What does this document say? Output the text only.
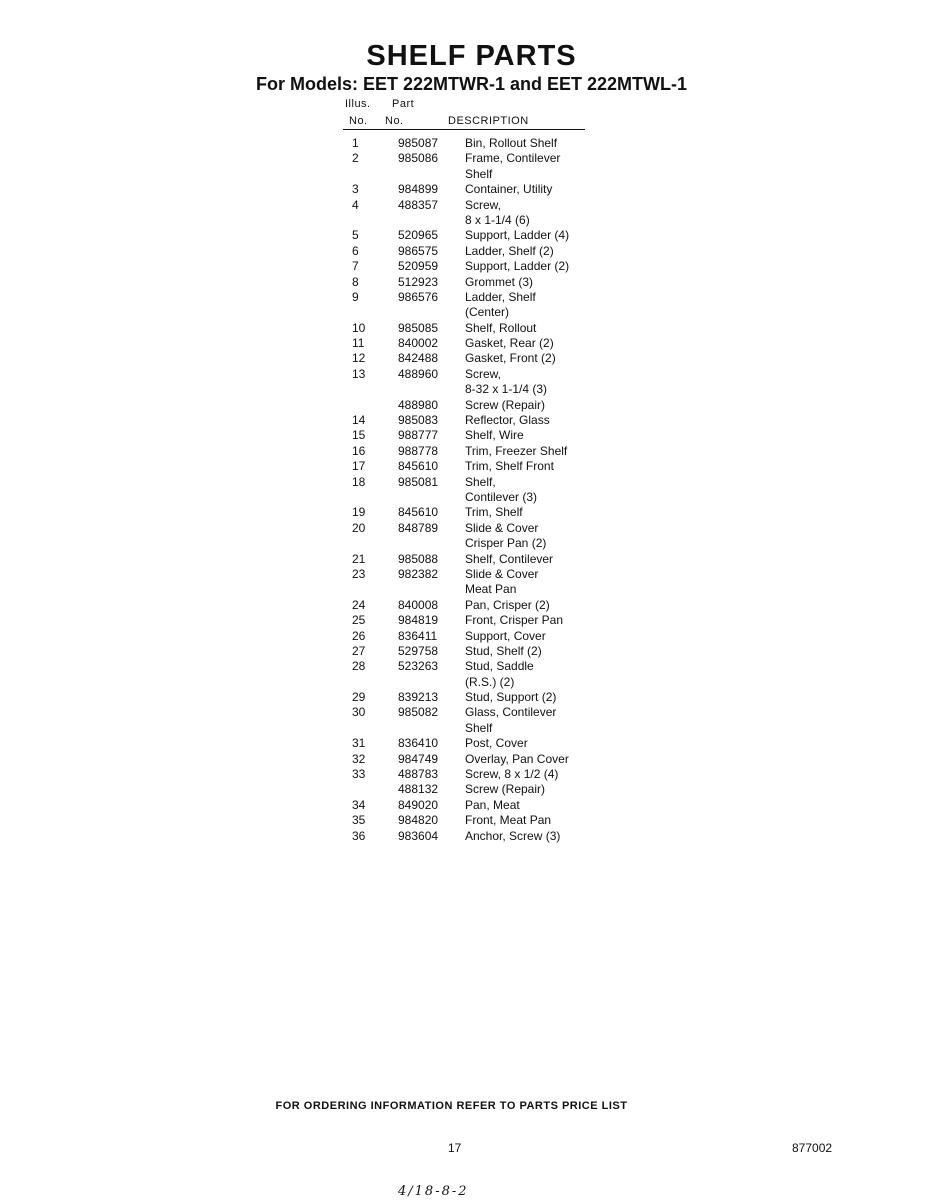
SHELF PARTS
For Models: EET 222MTWR-1 and EET 222MTWL-1
Illus. Part
No. No.	DESCRIPTION
1	985087 Bin, Rollout Shelf
2	985086 Frame, Contilever
Shelf
3	984899 Container, Utility
4	488357 Screw,
8 x 1-1/4 (6)
5	520965 Support, Ladder (4)
6	986575 Ladder, Shelf (2)
7	520959 Support, Ladder (2)
8	512923 Grommet (3)
9	986576 Ladder, Shelf
(Center)
10	985085 Shelf, Rollout
11	840002 Gasket, Rear (2)
12	842488 Gasket, Front (2)
13	488960 Screw,
8-32 x 1-1/4 (3)
488980 Screw (Repair)
14	985083 Reflector, Glass
15	988777 Shelf, Wire
16	988778 Trim, Freezer Shelf
17	845610 Trim, Shelf Front
18	985081 Shelf,
Contilever (3)
19	845610 Trim, Shelf
20	848789 Slide & Cover
Crisper Pan (2)
21	985088 Shelf, Contilever
23	982382 Slide & Cover
Meat Pan
24	840008 Pan, Crisper (2)
25	984819 Front, Crisper Pan
26	836411 Support, Cover
27	529758 Stud, Shelf (2)
28	523263 Stud, Saddle
(R.S.) (2)
29	839213 Stud, Support (2)
30	985082 Glass, Contilever
Shelf
31	836410 Post, Cover
32	984749 Overlay, Pan Cover
33	488783 Screw, 8 x 1/2 (4)
488132 Screw (Repair)
34	849020 Pan, Meat
35	984820 Front, Meat Pan
36	983604 Anchor, Screw (3)
FOR ORDERING INFORMATION REFER TO PARTS PRICE LIST
17	877002
4/18-8-2
